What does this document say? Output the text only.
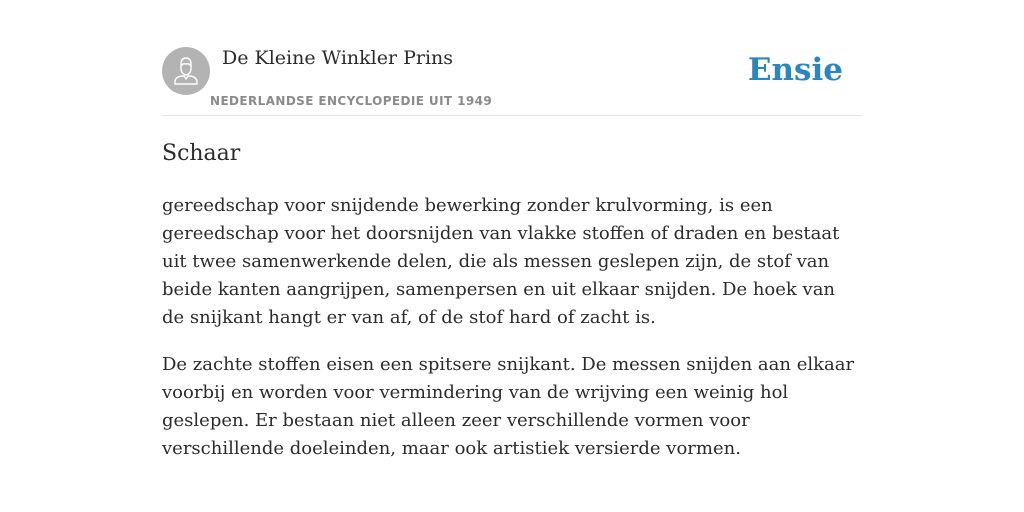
De Kleine Winkler Prins
NEDERLANDSE ENCYCLOPEDIE UIT 1949
Ensie
Schaar

gereedschap voor snijdende bewerking zonder krulvorming, is een gereedschap voor het doorsnijden van vlakke stoffen of draden en bestaat uit twee samenwerkende delen, die als messen geslepen zijn, de stof van beide kanten aangrijpen, samenpersen en uit elkaar snijden. De hoek van de snijkant hangt er van af, of de stof hard of zacht is.

De zachte stoffen eisen een spitsere snijkant. De messen snijden aan elkaar voorbij en worden voor vermindering van de wrijving een weinig hol geslepen. Er bestaan niet alleen zeer verschillende vormen voor verschillende doeleinden, maar ook artistiek versierde vormen.
